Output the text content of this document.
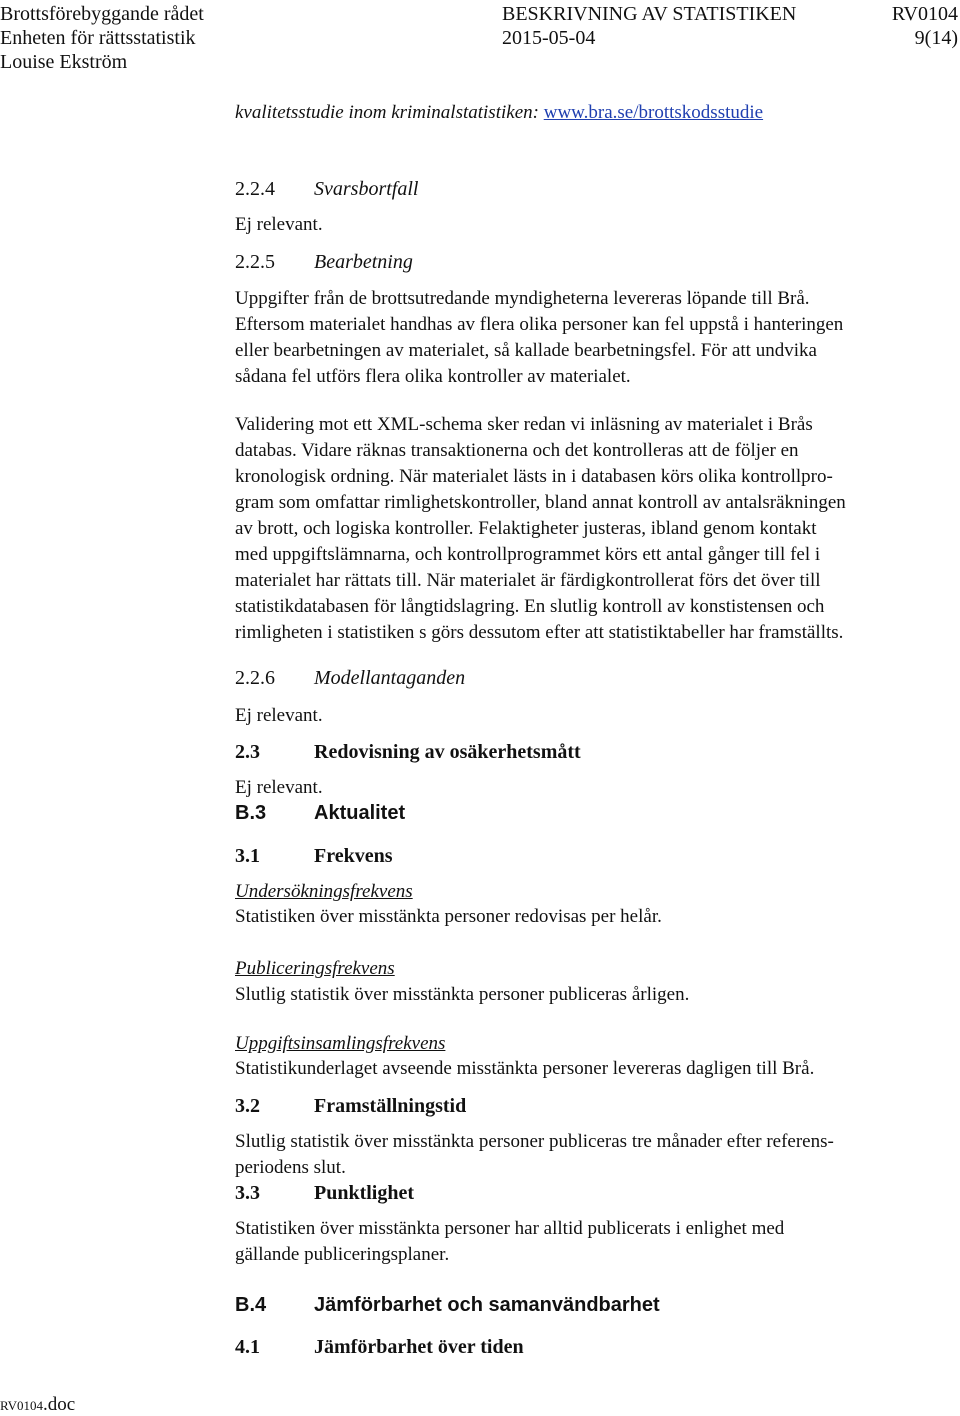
Brottsförebyggande rådet
Enheten för rättsstatistik
Louise Ekström
BESKRIVNING AV STATISTIKEN
2015-05-04
RV0104
9(14)

kvalitetsstudie inom kriminalstatistiken: www.bra.se/brottskodsstudie

2.2.4 Svarsbortfall

Ej relevant.

2.2.5 Bearbetning
Uppgifter från de brottsutredande myndigheterna levereras löpande till Brå.
Eftersom materialet handhas av flera olika personer kan fel uppstå i hanteringen
eller bearbetningen av materialet, så kallade bearbetningsfel. För att undvika
sådana fel utförs flera olika kontroller av materialet.
Validering mot ett XML-schema sker redan vi inläsning av materialet i Brås
databas. Vidare räknas transaktionerna och det kontrolleras att de följer en
kronologisk ordning. När materialet lästs in i databasen körs olika kontrollpro-
gram som omfattar rimlighetskontroller, bland annat kontroll av antalsräkningen
av brott, och logiska kontroller. Felaktigheter justeras, ibland genom kontakt
med uppgiftslämnarna, och kontrollprogrammet körs ett antal gånger till fel i
materialet har rättats till. När materialet är färdigkontrollerat förs det över till
statistikdatabasen för långtidslagring. En slutlig kontroll av konstistensen och
rimligheten i statistiken s görs dessutom efter att statistiktabeller har framställts.
2.2.6 Modellantaganden

Ej relevant.

2.3	Redovisning av osäkerhetsmått

Ej relevant.

B.3 Aktualitet
3.1	Frekvens
Undersökningsfrekvens

Statistiken över misstänkta personer redovisas per helår.

Publiceringsfrekvens

Slutlig statistik över misstänkta personer publiceras årligen.

Uppgiftsinsamlingsfrekvens

Statistikunderlaget avseende misstänkta personer levereras dagligen till Brå.

3.2	Framställningstid
Slutlig statistik över misstänkta personer publiceras tre månader efter referens-
periodens slut.
3.3	Punktlighet
Statistiken över misstänkta personer har alltid publicerats i enlighet med
gällande publiceringsplaner.
B.4 Jämförbarhet och samanvändbarhet
4.1	Jämförbarhet över tiden
RV0104.doc
